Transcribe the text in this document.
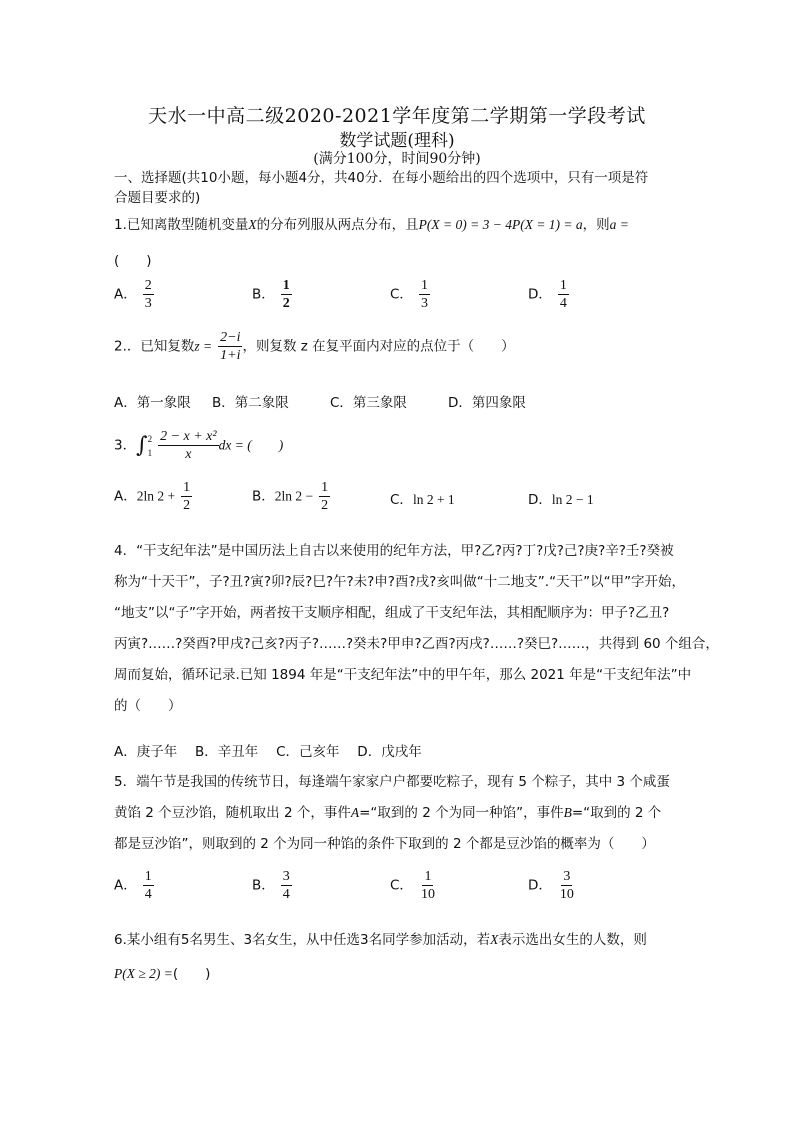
天水一中高二级2020-2021学年度第二学期第一学段考试
数学试题(理科)
(满分100分，时间90分钟)
一、选择题(共10小题，每小题4分，共40分．在每小题给出的四个选项中，只有一项是符
合题目要求的)
1.已知离散型随机变量X的分布列服从两点分布，且P(X = 0) = 3 − 4P(X = 1) = a，则a =
(　　)
A． $\frac{2}{3}$	B． $\frac{1}{2}$	C． $\frac{1}{3}$	D． $\frac{1}{4}$
2.．已知复数$z = \frac{2-i}{1+i}$ ，则复数 z 在复平面内对应的点位于（　　）
A．第一象限 B．第二象限	C．第三象限	D．第四象限
3．∫ 2
$1 \frac{\text{2 − x + x²}}{x}$ dx = (　　)
A．2ln $2 + \frac{1}{2}$	B．2ln $2 - \frac{1}{2}$	C．ln 2 + 1	D．ln 2 − 1
4．“干支纪年法”是中国历法上自古以来使用的纪年方法，甲?乙?丙?丁?戊?己?庚?辛?壬?癸被
称为“十天干”，子?丑?寅?卯?辰?巳?午?未?申?酉?戌?亥叫做“十二地支”.“天干”以“甲”字开始，
“地支”以“子”字开始，两者按干支顺序相配，组成了干支纪年法，其相配顺序为：甲子?乙丑?
丙寅?……?癸酉?甲戌?己亥?丙子?……?癸未?甲申?乙酉?丙戌?……?癸巳?……，共得到 60 个组合，
周而复始，循环记录.已知 1894 年是“干支纪年法”中的甲午年，那么 2021 年是“干支纪年法”中
的（　　）
A．庚子年　 B．辛丑年　 C．己亥年　 D．戊戌年
5．端午节是我国的传统节日，每逢端午家家户户都要吃粽子，现有 5 个粽子，其中 3 个咸蛋
黄馅 2 个豆沙馅，随机取出 2 个，事件A=“取到的 2 个为同一种馅”，事件B=“取到的 2 个
都是豆沙馅”，则取到的 2 个为同一种馅的条件下取到的 2 个都是豆沙馅的概率为（　　）
A． $\frac{1}{4}$	B． $\frac{3}{4}$	C． $\frac{1}{10}$	D． $\frac{3}{10}$
6.某小组有5名男生、3名女生，从中任选3名同学参加活动，若X表示选出女生的人数，则
P(X ≥ 2) =(　　)
